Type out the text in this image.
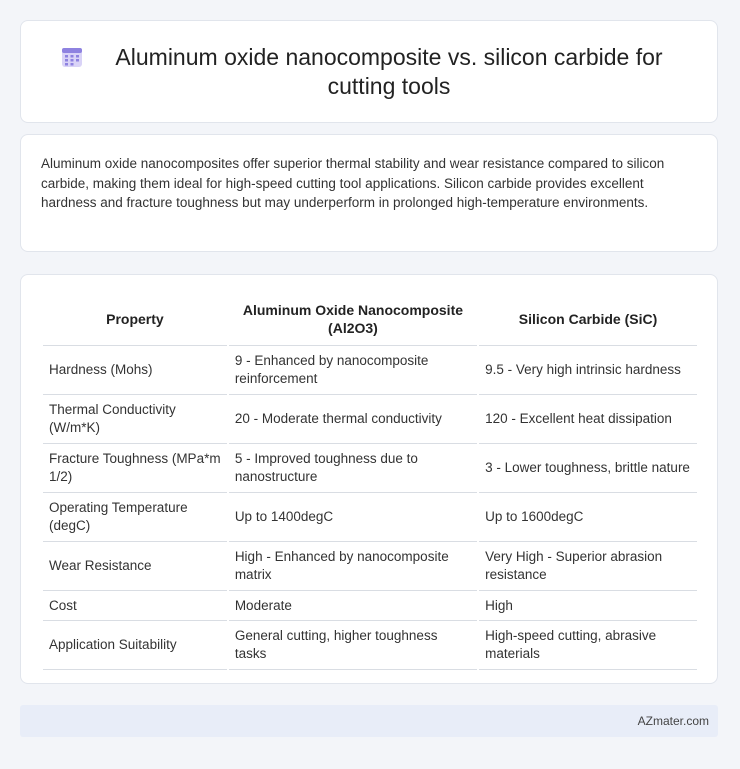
Aluminum oxide nanocomposite vs. silicon carbide for cutting tools

Aluminum oxide nanocomposites offer superior thermal stability and wear resistance compared to silicon carbide, making them ideal for high-speed cutting tool applications. Silicon carbide provides excellent hardness and fracture toughness but may underperform in prolonged high-temperature environments.

Property	Aluminum Oxide Nanocomposite (Al2O3)	Silicon Carbide (SiC)
Hardness (Mohs)	9 - Enhanced by nanocomposite reinforcement	9.5 - Very high intrinsic hardness
Thermal Conductivity (W/m*K)	20 - Moderate thermal conductivity	120 - Excellent heat dissipation
Fracture Toughness (MPa*m 1/2)	5 - Improved toughness due to nanostructure	3 - Lower toughness, brittle nature
Operating Temperature (degC)	Up to 1400degC	Up to 1600degC
Wear Resistance	High - Enhanced by nanocomposite matrix	Very High - Superior abrasion resistance
Cost	Moderate	High
Application Suitability	General cutting, higher toughness tasks	High-speed cutting, abrasive materials
AZmater.com
